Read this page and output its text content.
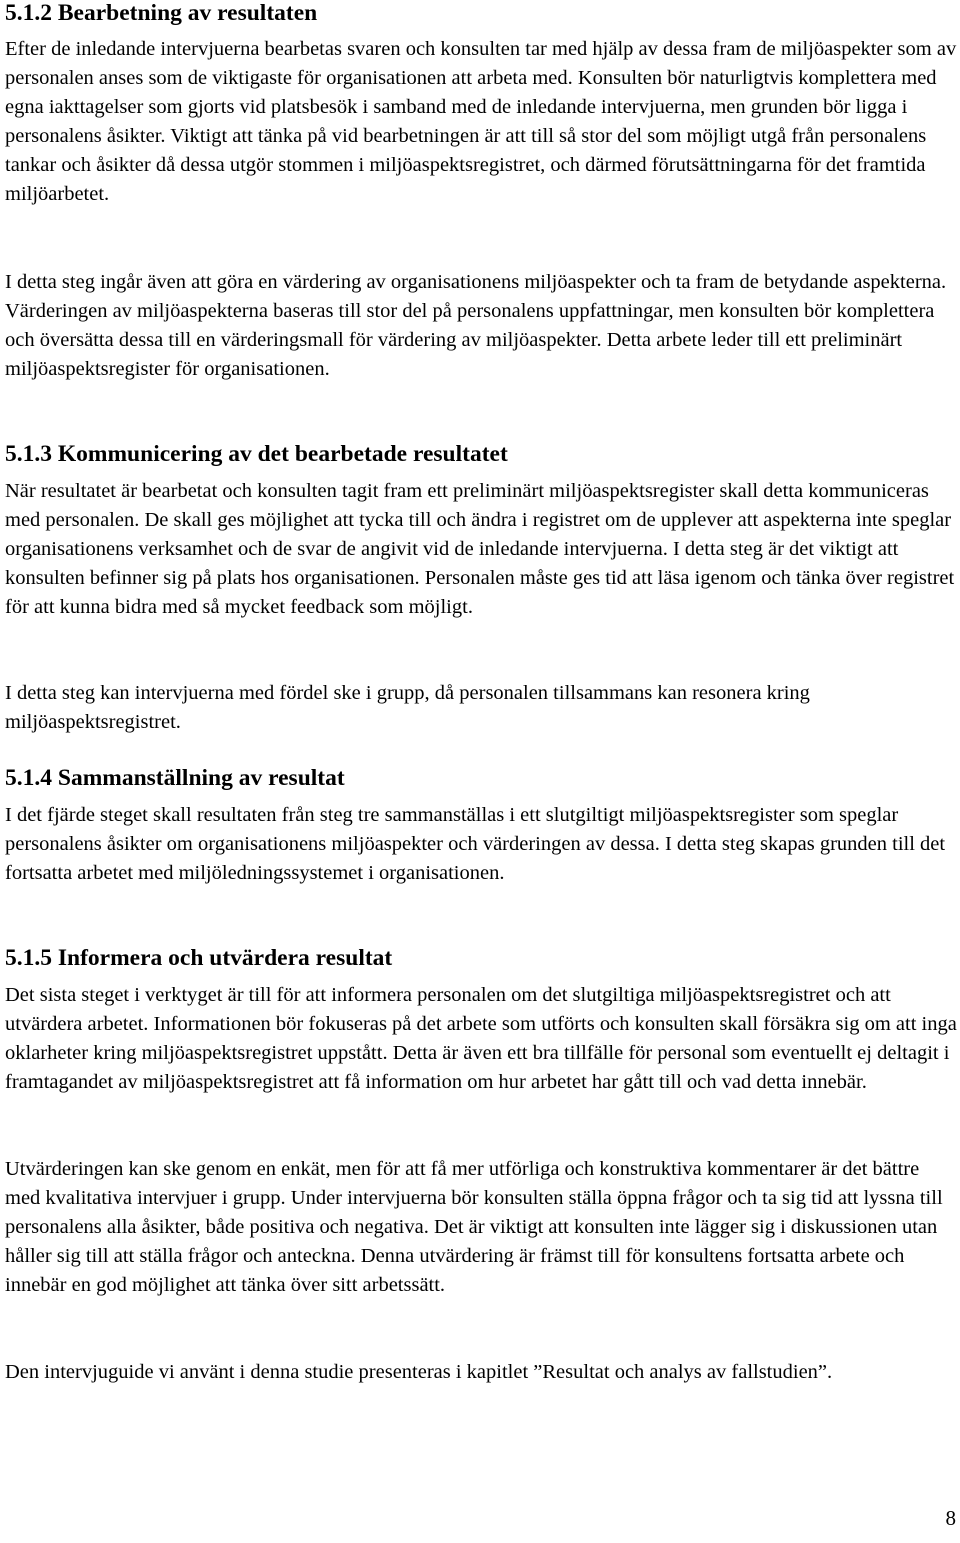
5.1.2 Bearbetning av resultaten

Efter de inledande intervjuerna bearbetas svaren och konsulten tar med hjälp av dessa fram de miljöaspekter som av personalen anses som de viktigaste för organisationen att arbeta med. Konsulten bör naturligtvis komplettera med egna iakttagelser som gjorts vid platsbesök i samband med de inledande intervjuerna, men grunden bör ligga i personalens åsikter. Viktigt att tänka på vid bearbetningen är att till så stor del som möjligt utgå från personalens tankar och åsikter då dessa utgör stommen i miljöaspektsregistret, och därmed förutsättningarna för det framtida miljöarbetet.

I detta steg ingår även att göra en värdering av organisationens miljöaspekter och ta fram de betydande aspekterna. Värderingen av miljöaspekterna baseras till stor del på personalens uppfattningar, men konsulten bör komplettera och översätta dessa till en värderingsmall för värdering av miljöaspekter. Detta arbete leder till ett preliminärt miljöaspektsregister för organisationen.

5.1.3 Kommunicering av det bearbetade resultatet

När resultatet är bearbetat och konsulten tagit fram ett preliminärt miljöaspektsregister skall detta kommuniceras med personalen. De skall ges möjlighet att tycka till och ändra i registret om de upplever att aspekterna inte speglar organisationens verksamhet och de svar de angivit vid de inledande intervjuerna. I detta steg är det viktigt att konsulten befinner sig på plats hos organisationen. Personalen måste ges tid att läsa igenom och tänka över registret för att kunna bidra med så mycket feedback som möjligt.

I detta steg kan intervjuerna med fördel ske i grupp, då personalen tillsammans kan resonera kring miljöaspektsregistret.

5.1.4 Sammanställning av resultat

I det fjärde steget skall resultaten från steg tre sammanställas i ett slutgiltigt miljöaspektsregister som speglar personalens åsikter om organisationens miljöaspekter och värderingen av dessa. I detta steg skapas grunden till det fortsatta arbetet med miljöledningssystemet i organisationen.

5.1.5 Informera och utvärdera resultat

Det sista steget i verktyget är till för att informera personalen om det slutgiltiga miljöaspektsregistret och att utvärdera arbetet. Informationen bör fokuseras på det arbete som utförts och konsulten skall försäkra sig om att inga oklarheter kring miljöaspektsregistret uppstått. Detta är även ett bra tillfälle för personal som eventuellt ej deltagit i framtagandet av miljöaspektsregistret att få information om hur arbetet har gått till och vad detta innebär.

Utvärderingen kan ske genom en enkät, men för att få mer utförliga och konstruktiva kommentarer är det bättre med kvalitativa intervjuer i grupp. Under intervjuerna bör konsulten ställa öppna frågor och ta sig tid att lyssna till personalens alla åsikter, både positiva och negativa. Det är viktigt att konsulten inte lägger sig i diskussionen utan håller sig till att ställa frågor och anteckna. Denna utvärdering är främst till för konsultens fortsatta arbete och innebär en god möjlighet att tänka över sitt arbetssätt.

Den intervjuguide vi använt i denna studie presenteras i kapitlet ”Resultat och analys av fallstudien”.

8
